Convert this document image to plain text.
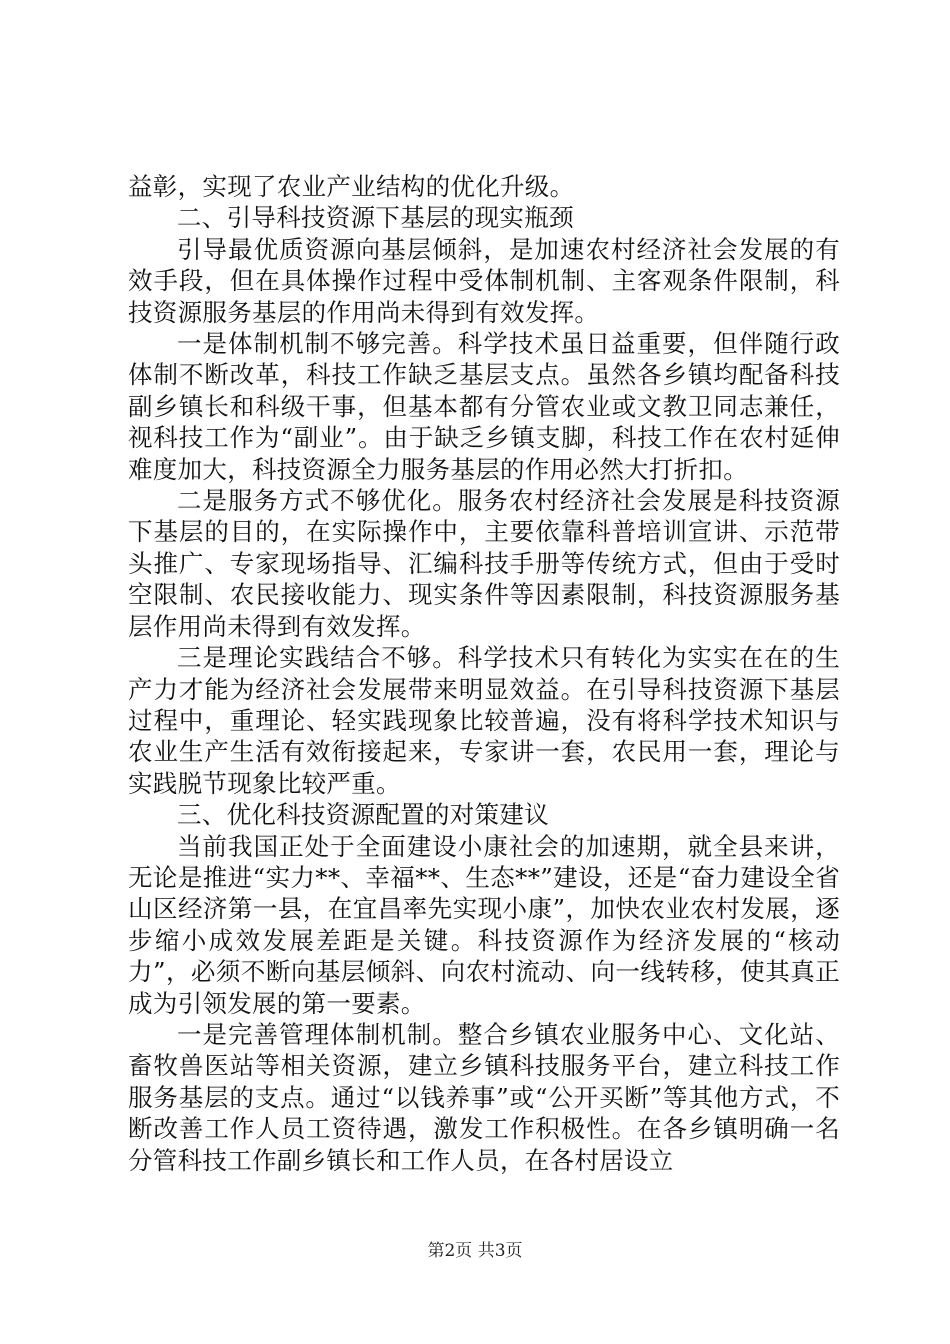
益彰，实现了农业产业结构的优化升级。

二、引导科技资源下基层的现实瓶颈

引导最优质资源向基层倾斜，是加速农村经济社会发展的有效手段，但在具体操作过程中受体制机制、主客观条件限制，科技资源服务基层的作用尚未得到有效发挥。

一是体制机制不够完善。科学技术虽日益重要，但伴随行政体制不断改革，科技工作缺乏基层支点。虽然各乡镇均配备科技副乡镇长和科级干事，但基本都有分管农业或文教卫同志兼任，视科技工作为“副业”。由于缺乏乡镇支脚，科技工作在农村延伸难度加大，科技资源全力服务基层的作用必然大打折扣。

二是服务方式不够优化。服务农村经济社会发展是科技资源下基层的目的，在实际操作中，主要依靠科普培训宣讲、示范带头推广、专家现场指导、汇编科技手册等传统方式，但由于受时空限制、农民接收能力、现实条件等因素限制，科技资源服务基层作用尚未得到有效发挥。

三是理论实践结合不够。科学技术只有转化为实实在在的生产力才能为经济社会发展带来明显效益。在引导科技资源下基层过程中，重理论、轻实践现象比较普遍，没有将科学技术知识与农业生产生活有效衔接起来，专家讲一套，农民用一套，理论与实践脱节现象比较严重。

三、优化科技资源配置的对策建议

当前我国正处于全面建设小康社会的加速期，就全县来讲，无论是推进“实力**、幸福**、生态**”建设，还是“奋力建设全省山区经济第一县，在宜昌率先实现小康”，加快农业农村发展，逐步缩小成效发展差距是关键。科技资源作为经济发展的“核动力”，必须不断向基层倾斜、向农村流动、向一线转移，使其真正成为引领发展的第一要素。

一是完善管理体制机制。整合乡镇农业服务中心、文化站、畜牧兽医站等相关资源，建立乡镇科技服务平台，建立科技工作服务基层的支点。通过“以钱养事”或“公开买断”等其他方式，不断改善工作人员工资待遇，激发工作积极性。在各乡镇明确一名分管科技工作副乡镇长和工作人员，在各村居设立

第2页 共3页
